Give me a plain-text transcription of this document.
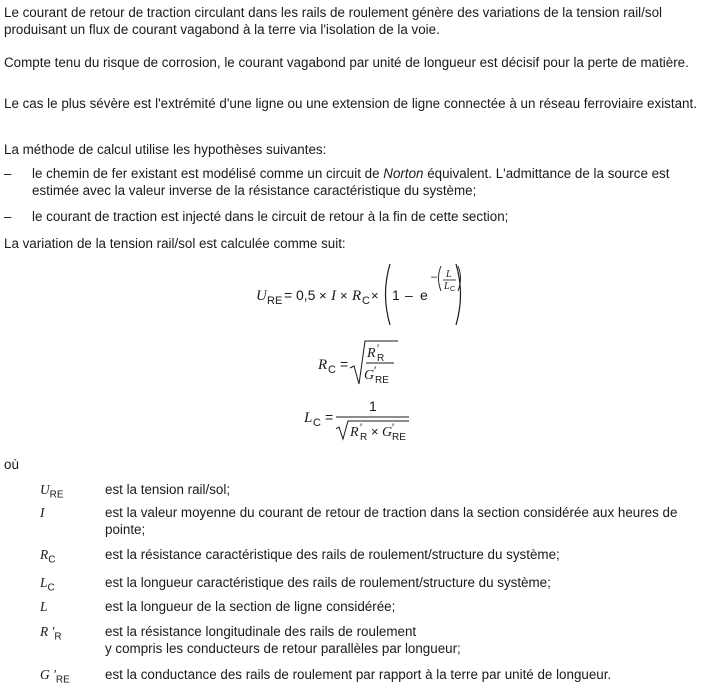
Le courant de retour de traction circulant dans les rails de roulement génère des variations de la tension rail/sol produisant un flux de courant vagabond à la terre via l'isolation de la voie.

Compte tenu du risque de corrosion, le courant vagabond par unité de longueur est décisif pour la perte de matière.

Le cas le plus sévère est l'extrémité d'une ligne ou une extension de ligne connectée à un réseau ferroviaire existant.

La méthode de calcul utilise les hypothèses suivantes:

–	le chemin de fer existant est modélisé comme un circuit de Norton équivalent. L'admittance de la source est estimée avec la valeur inverse de la résistance caractéristique du système;
–	le courant de traction est injecté dans le circuit de retour à la fin de cette section;

La variation de la tension rail/sol est calculée comme suit:

U RE = 0,5 × I × R C × 1 – e
– L
L C
R C =
R ′
R
G ′
RE
L C =
1
R ′
R × G ′
RE

où

$U_{RE}$	est la tension rail/sol;
I	est la valeur moyenne du courant de retour de traction dans la section considérée aux heures de pointe;
$R_C$	est la résistance caractéristique des rails de roulement/structure du système;
$L_C$	est la longueur caractéristique des rails de roulement/structure du système;
L	est la longueur de la section de ligne considérée;
R '$_R$	est la résistance longitudinale des rails de roulement
y compris les conducteurs de retour parallèles par longueur;
G '$_{RE}$	est la conductance des rails de roulement par rapport à la terre par unité de longueur.
